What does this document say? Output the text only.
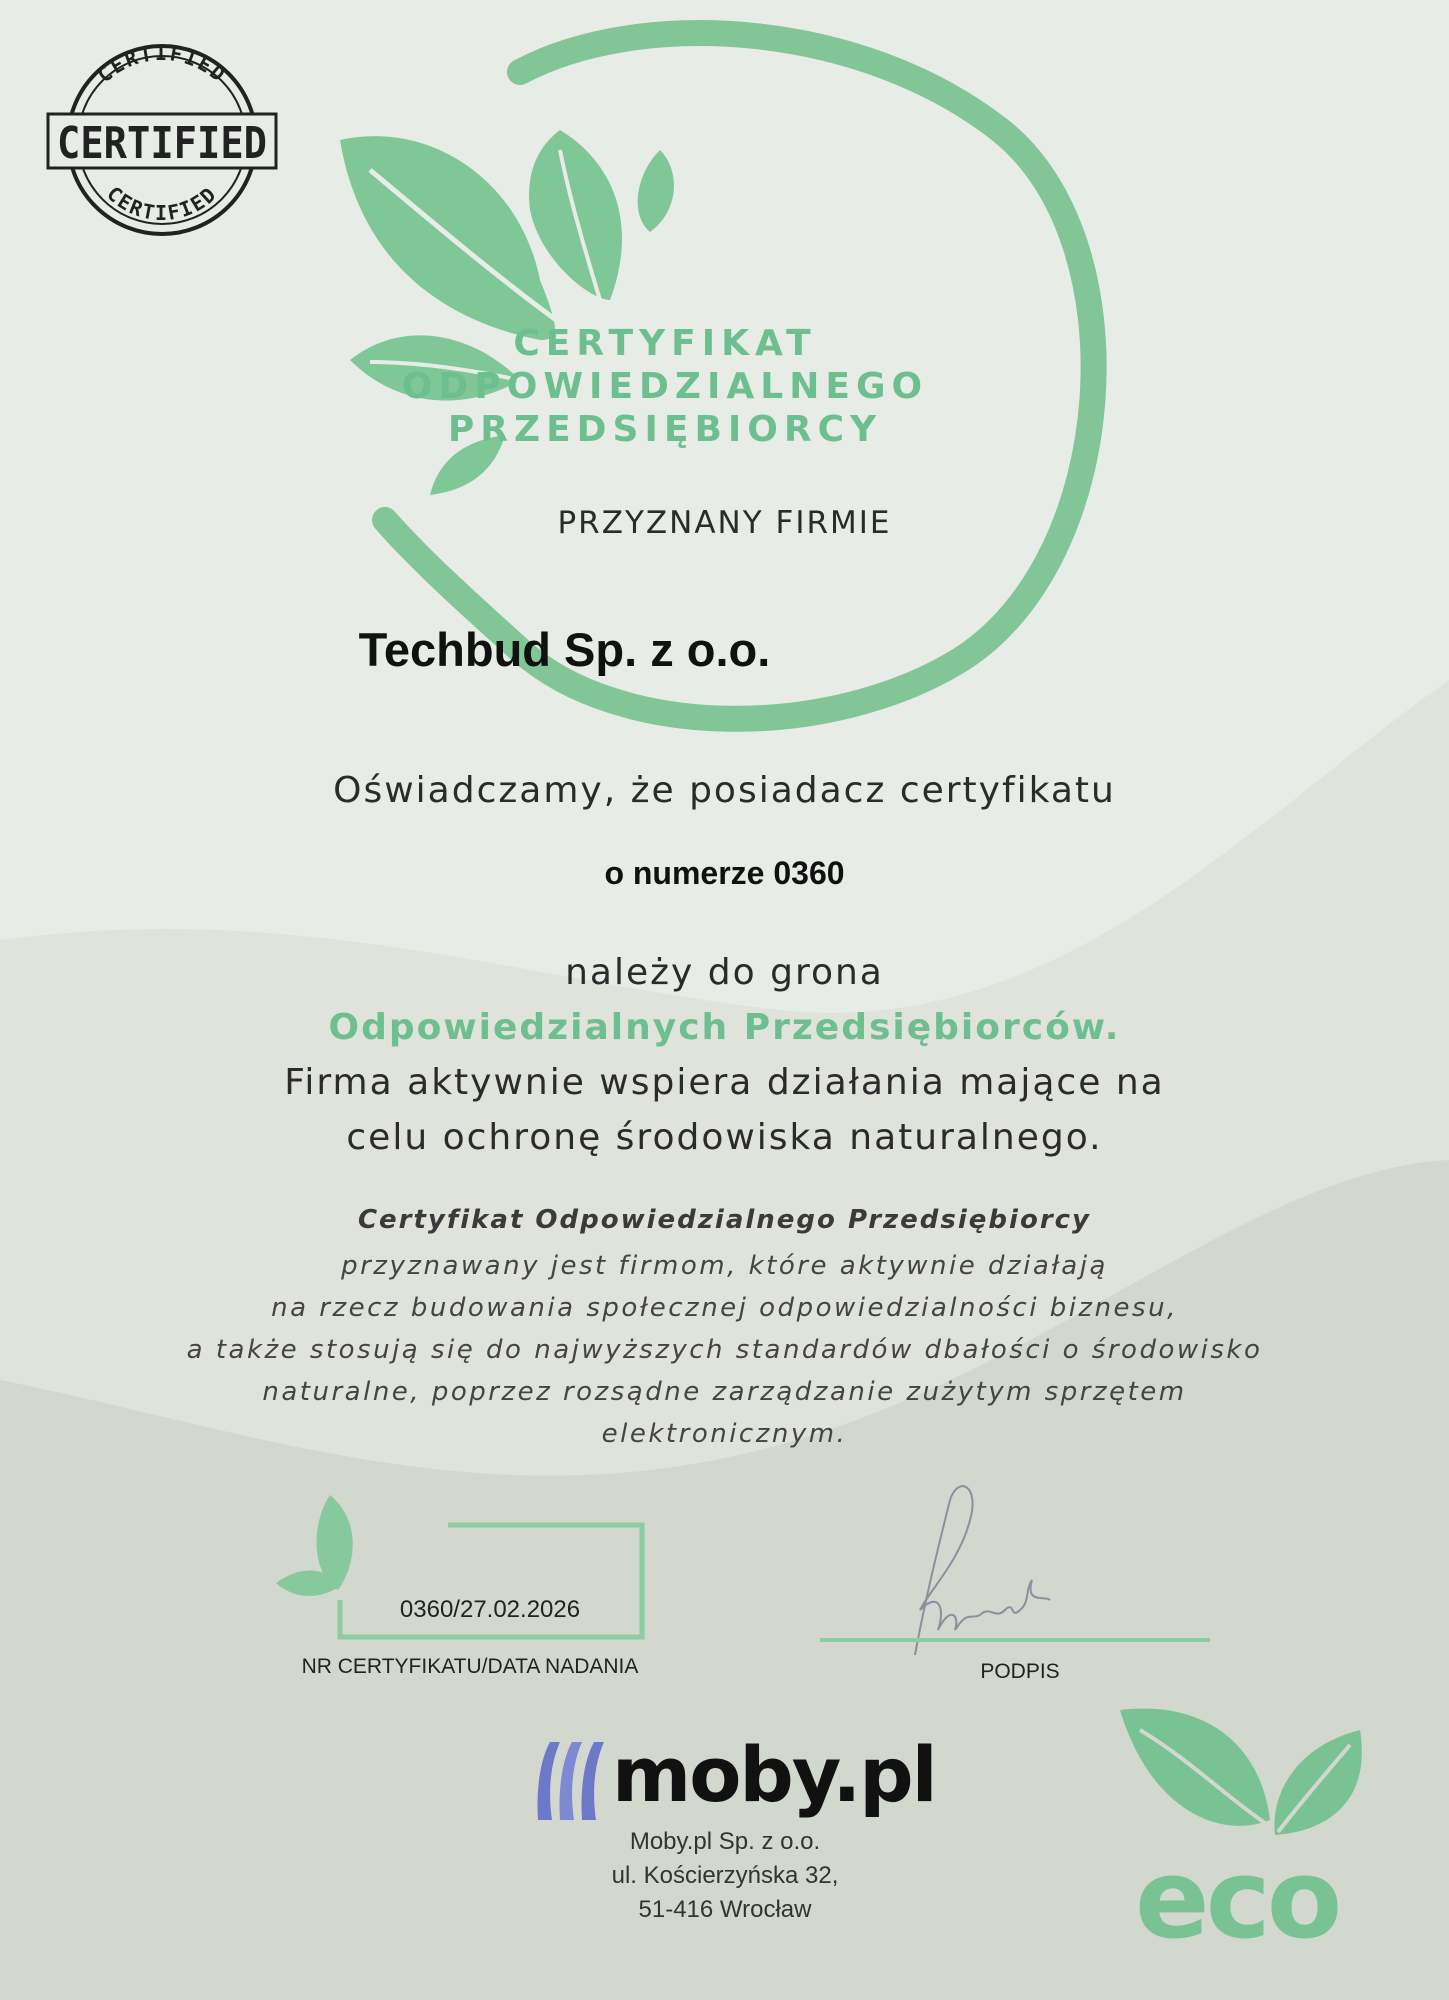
CERTIFIED
CERTIFIED
CERTIFIED
CERTYFIKAT
ODPOWIEDZIALNEGO
PRZEDSIĘBIORCY
PRZYZNANY FIRMIE
Techbud Sp. z o.o.
Oświadczamy, że posiadacz certyfikatu
o numerze 0360
należy do grona
Odpowiedzialnych Przedsiębiorców.
Firma aktywnie wspiera działania mające na
celu ochronę środowiska naturalnego.
Certyfikat Odpowiedzialnego Przedsiębiorcy
przyznawany jest firmom, które aktywnie działają
na rzecz budowania społecznej odpowiedzialności biznesu,
a także stosują się do najwyższych standardów dbałości o środowisko
naturalne, poprzez rozsądne zarządzanie zużytym sprzętem
elektronicznym.
0360/27.02.2026
NR CERTYFIKATU/DATA NADANIA	PODPIS
moby.pl
Moby.pl Sp. z o.o.
ul. Kościerzyńska 32,
51-416 Wrocław	eco
